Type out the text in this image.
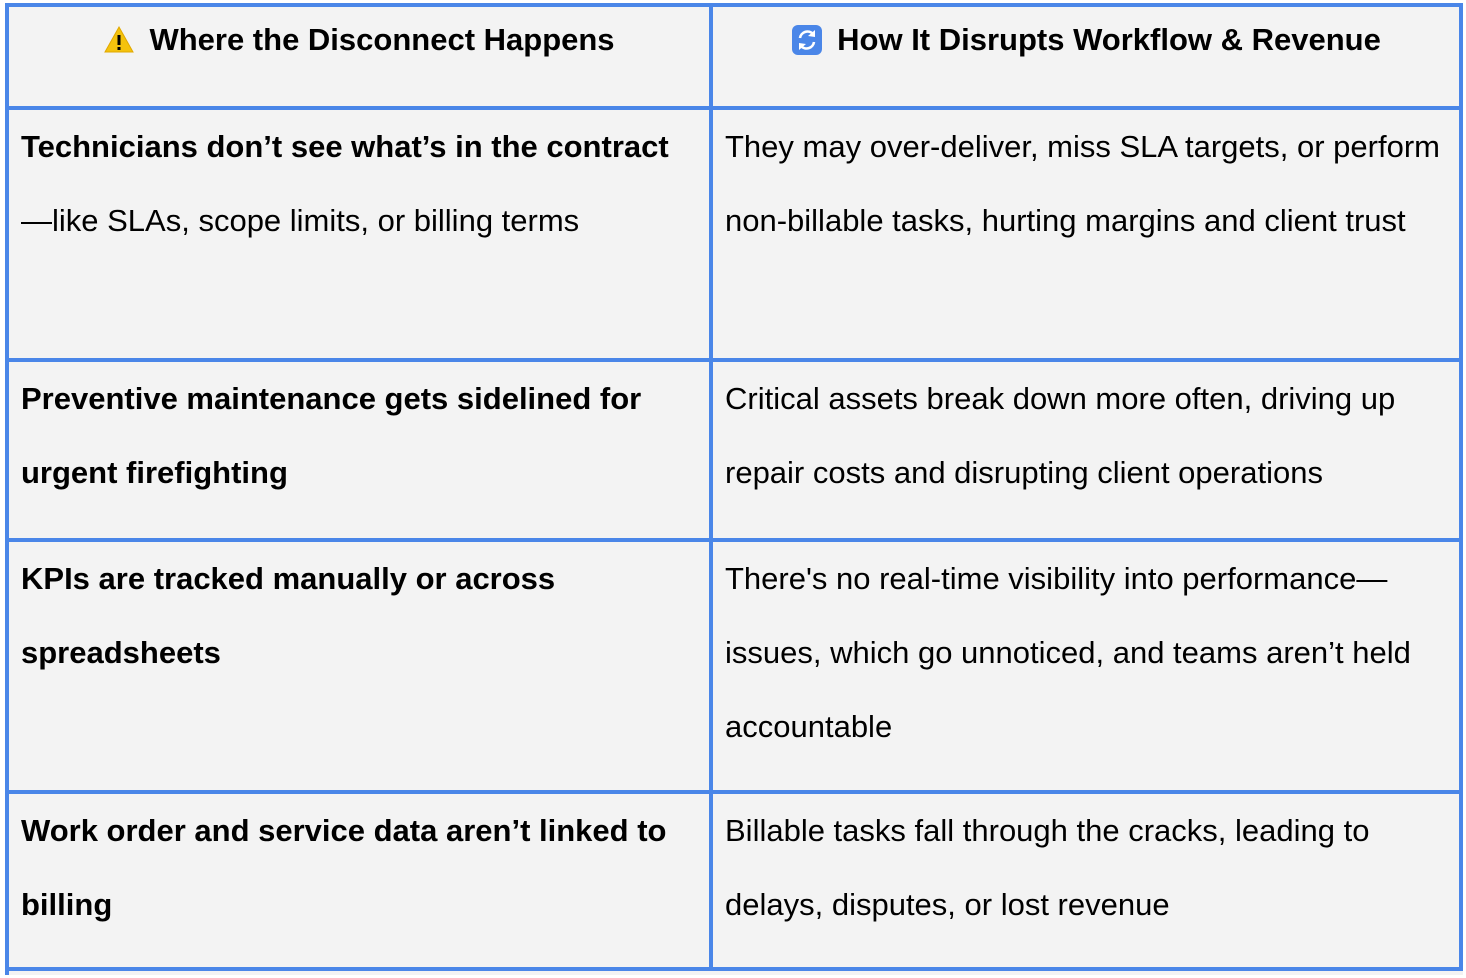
Where the Disconnect Happens	How It Disrupts Workflow & Revenue
Technicians don’t see what’s in the contract—like SLAs, scope limits, or billing terms
They may over-deliver, miss SLA targets, or perform non-billable tasks, hurting margins and client trust
Preventive maintenance gets sidelined for urgent firefighting
Critical assets break down more often, driving up repair costs and disrupting client operations
KPIs are tracked manually or across spreadsheets
There's no real-time visibility into performance—issues, which go unnoticed, and teams aren’t held accountable
Work order and service data aren’t linked to billing
Billable tasks fall through the cracks, leading to delays, disputes, or lost revenue
